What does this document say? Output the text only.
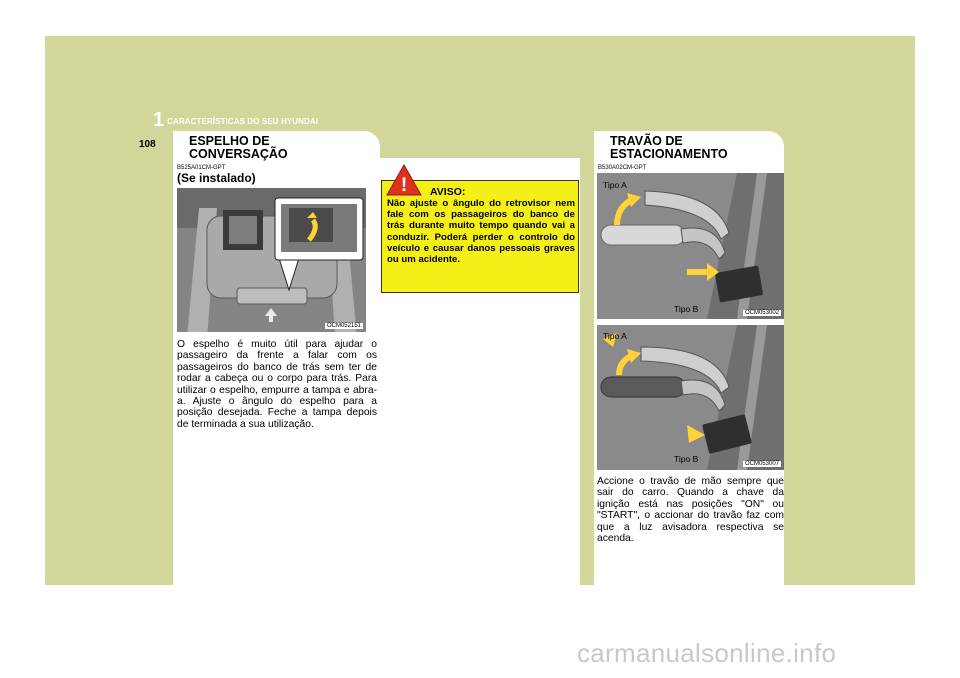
1 CARACTERÍSTICAS DO SEU HYUNDAI
108	ESPELHO DE
CONVERSAÇÃO
B525A01CM-GPT
(Se instalado)
OCM052151

O espelho é muito útil para ajudar o passageiro da frente a falar com os passageiros do banco de trás sem ter de rodar a cabeça ou o corpo para trás. Para utilizar o espelho, empurre a tampa e abra-a. Ajuste o ângulo do espelho para a posição desejada. Feche a tampa depois de terminada a sua utilização.

AVISO:

Não ajuste o ângulo do retrovisor nem fale com os passageiros do banco de trás durante muito tempo quando vai a conduzir. Poderá perder o controlo do veículo e causar danos pessoais graves ou um acidente.

!
TRAVÃO DE
ESTACIONAMENTO
B530A02CM-GPT
Tipo A
Tipo B	OCM053002
Tipo A
Tipo B	OCM053007

Accione o travão de mão sempre que sair do carro. Quando a chave da ignição está nas posições "ON" ou "START", o accionar do travão faz com que a luz avisadora respectiva se acenda.

carmanualsonline.info
